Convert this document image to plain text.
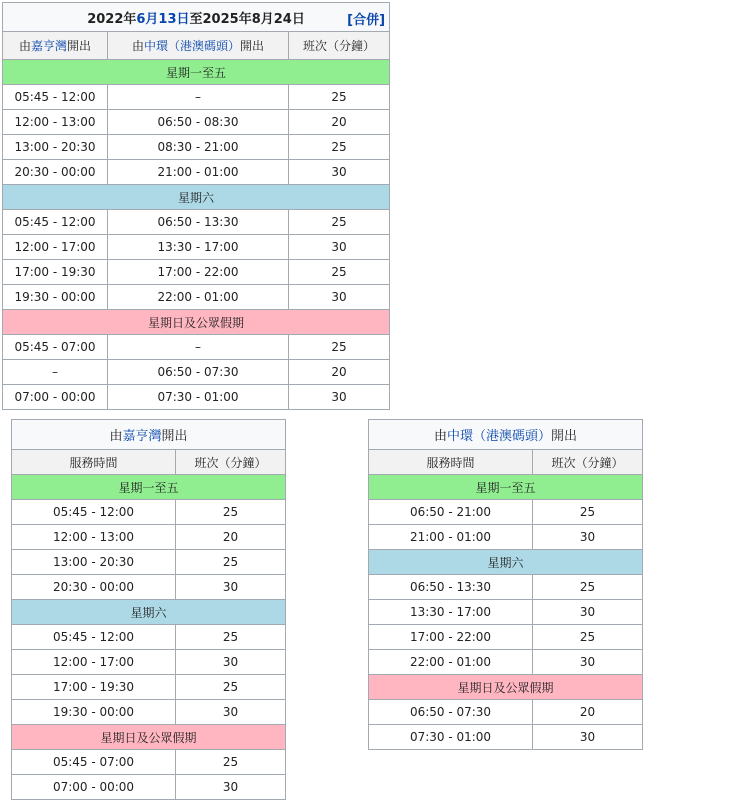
2022年6月13日至2025年8月24日 [合併]		

由嘉亨灣開出	由中環（港澳碼頭）開出	班次（分鐘）
星期一至五		
05:45 - 12:00	–	25
12:00 - 13:00	06:50 - 08:30	20
13:00 - 20:30	08:30 - 21:00	25
20:30 - 00:00	21:00 - 01:00	30
星期六		
05:45 - 12:00	06:50 - 13:30	25
12:00 - 17:00	13:30 - 17:00	30
17:00 - 19:30	17:00 - 22:00	25
19:30 - 00:00	22:00 - 01:00	30
星期日及公眾假期		
05:45 - 07:00	–	25
–	06:50 - 07:30	20
07:00 - 00:00	07:30 - 01:00	30
由嘉亨灣開出	
服務時間	班次（分鐘）
星期一至五	
05:45 - 12:00	25
12:00 - 13:00	20
13:00 - 20:30	25
20:30 - 00:00	30
星期六	
05:45 - 12:00	25
12:00 - 17:00	30
17:00 - 19:30	25
19:30 - 00:00	30
星期日及公眾假期	
05:45 - 07:00	25
07:00 - 00:00	30
由中環（港澳碼頭）開出	
服務時間	班次（分鐘）
星期一至五	
06:50 - 21:00	25
21:00 - 01:00	30
星期六	
06:50 - 13:30	25
13:30 - 17:00	30
17:00 - 22:00	25
22:00 - 01:00	30
星期日及公眾假期	
06:50 - 07:30	20
07:30 - 01:00	30
